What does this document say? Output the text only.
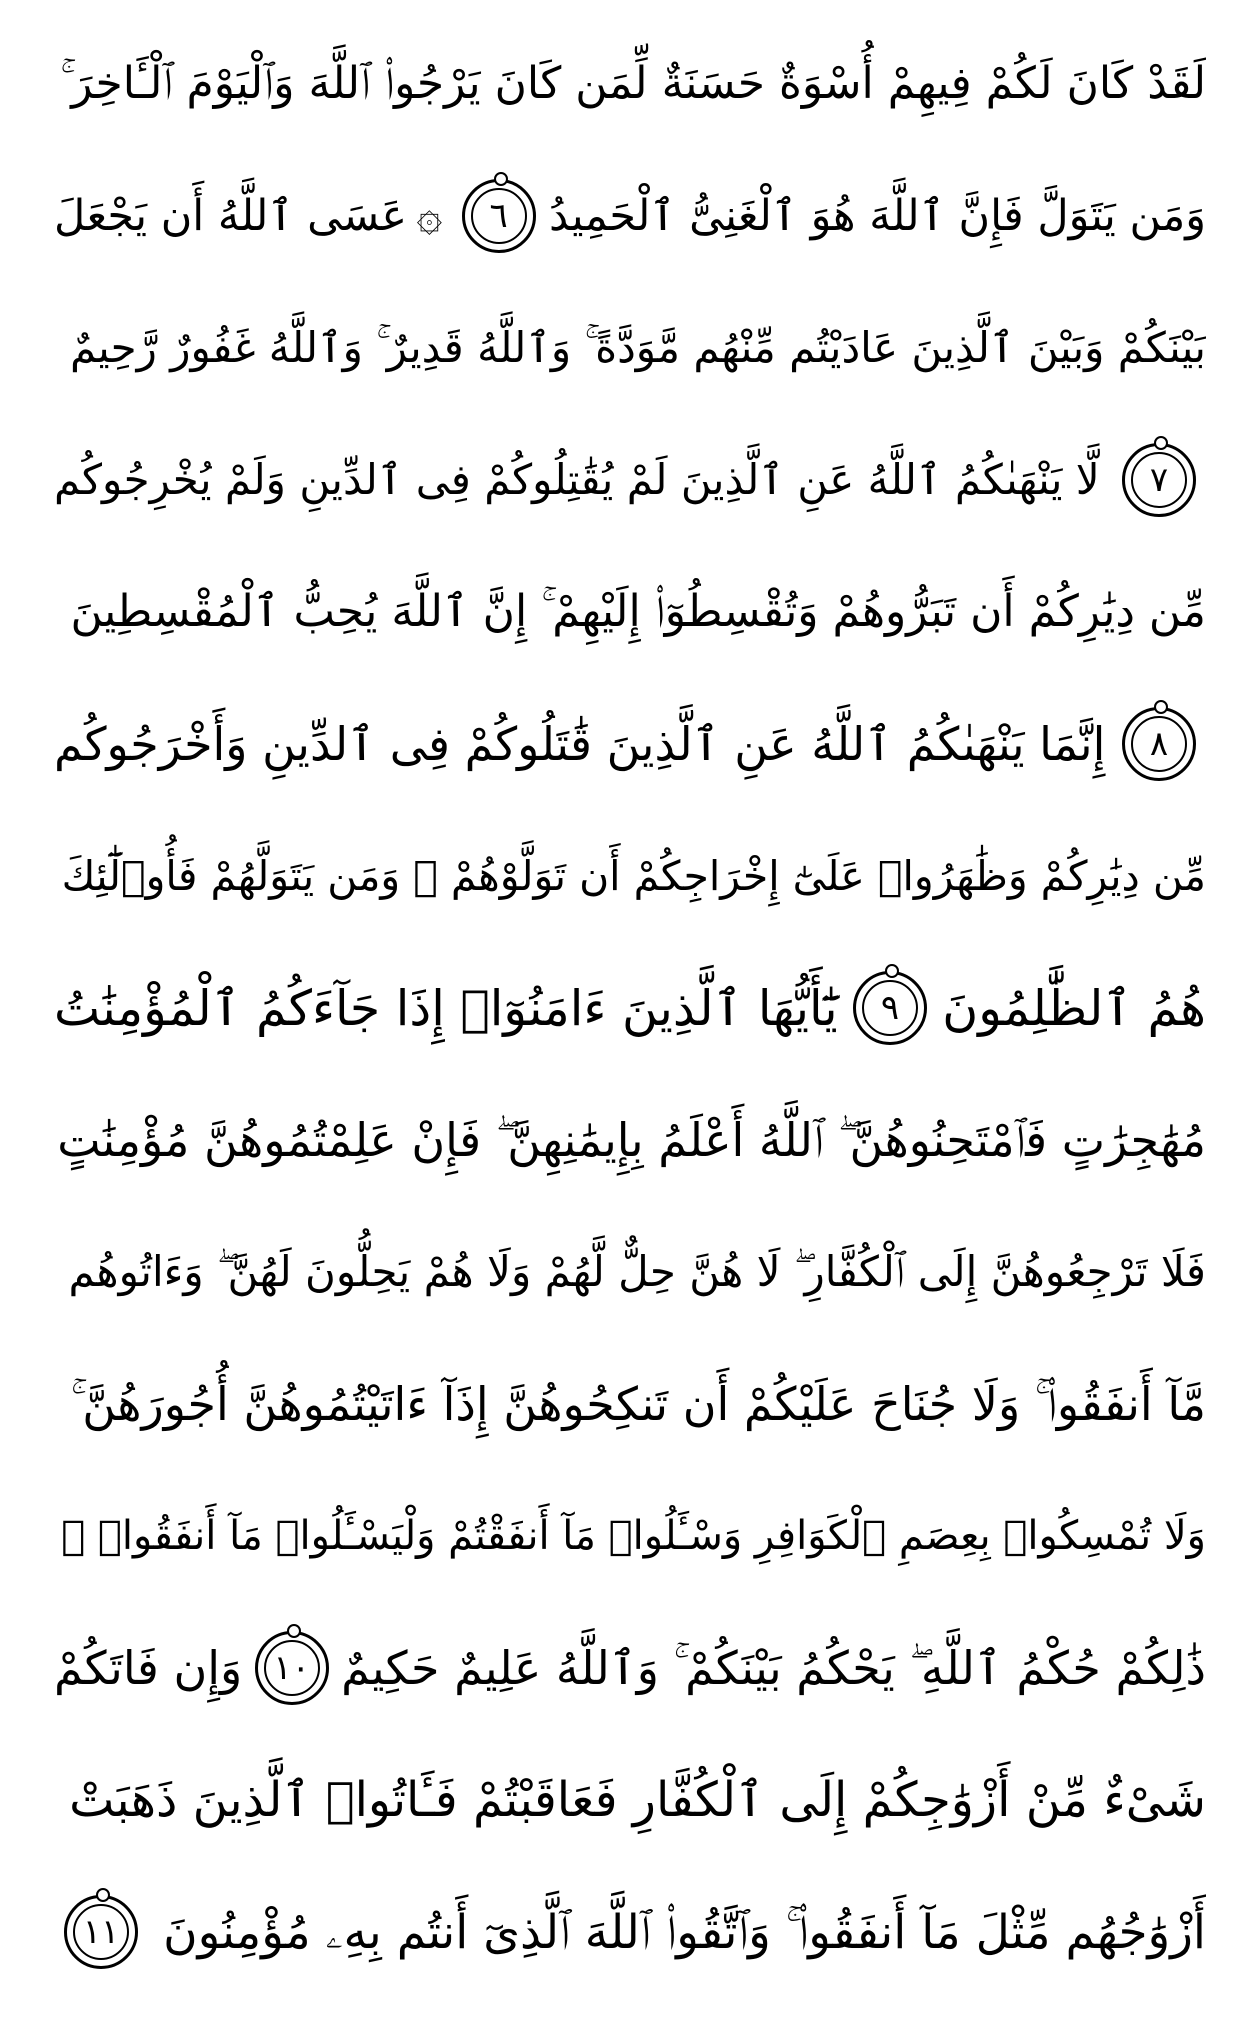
لَقَدْ كَانَ لَكُمْ فِيهِمْ أُسْوَةٌ حَسَنَةٌ لِّمَن كَانَ يَرْجُوا۟ ٱللَّهَ وَٱلْيَوْمَ ٱلْـَٔاخِرَ ۚ
وَمَن يَتَوَلَّ فَإِنَّ ٱللَّهَ هُوَ ٱلْغَنِىُّ ٱلْحَمِيدُ
٦
۞
عَسَى ٱللَّهُ أَن يَجْعَلَ
بَيْنَكُمْ وَبَيْنَ ٱلَّذِينَ عَادَيْتُم مِّنْهُم مَّوَدَّةً ۚ وَٱللَّهُ قَدِيرٌ ۚ وَٱللَّهُ غَفُورٌ رَّحِيمٌ
٧
لَّا يَنْهَىٰكُمُ ٱللَّهُ عَنِ ٱلَّذِينَ لَمْ يُقَٰتِلُوكُمْ فِى ٱلدِّينِ وَلَمْ يُخْرِجُوكُم
مِّن دِيَٰرِكُمْ أَن تَبَرُّوهُمْ وَتُقْسِطُوٓا۟ إِلَيْهِمْ ۚ إِنَّ ٱللَّهَ يُحِبُّ ٱلْمُقْسِطِينَ
٨
إِنَّمَا يَنْهَىٰكُمُ ٱللَّهُ عَنِ ٱلَّذِينَ قَٰتَلُوكُمْ فِى ٱلدِّينِ وَأَخْرَجُوكُم
مِّن دِيَٰرِكُمْ وَظَٰهَرُوا۟ عَلَىٰٓ إِخْرَاجِكُمْ أَن تَوَلَّوْهُمْ ۚ وَمَن يَتَوَلَّهُمْ فَأُو۟لَٰٓئِكَ
هُمُ ٱلظَّٰلِمُونَ
٩
يَٰٓأَيُّهَا ٱلَّذِينَ ءَامَنُوٓا۟ إِذَا جَآءَكُمُ ٱلْمُؤْمِنَٰتُ
مُهَٰجِرَٰتٍ فَٱمْتَحِنُوهُنَّ ۖ ٱللَّهُ أَعْلَمُ بِإِيمَٰنِهِنَّ ۖ فَإِنْ عَلِمْتُمُوهُنَّ مُؤْمِنَٰتٍ
فَلَا تَرْجِعُوهُنَّ إِلَى ٱلْكُفَّارِ ۖ لَا هُنَّ حِلٌّ لَّهُمْ وَلَا هُمْ يَحِلُّونَ لَهُنَّ ۖ وَءَاتُوهُم
مَّآ أَنفَقُوا۟ ۚ وَلَا جُنَاحَ عَلَيْكُمْ أَن تَنكِحُوهُنَّ إِذَآ ءَاتَيْتُمُوهُنَّ أُجُورَهُنَّ ۚ
وَلَا تُمْسِكُوا۟ بِعِصَمِ ٱلْكَوَافِرِ وَسْـَٔلُوا۟ مَآ أَنفَقْتُمْ وَلْيَسْـَٔلُوا۟ مَآ أَنفَقُوا۟ ۚ
ذَٰلِكُمْ حُكْمُ ٱللَّهِ ۖ يَحْكُمُ بَيْنَكُمْ ۚ وَٱللَّهُ عَلِيمٌ حَكِيمٌ
١٠
وَإِن فَاتَكُمْ
شَىْءٌ مِّنْ أَزْوَٰجِكُمْ إِلَى ٱلْكُفَّارِ فَعَاقَبْتُمْ فَـَٔاتُوا۟ ٱلَّذِينَ ذَهَبَتْ
أَزْوَٰجُهُم مِّثْلَ مَآ أَنفَقُوا۟ ۚ وَٱتَّقُوا۟ ٱللَّهَ ٱلَّذِىٓ أَنتُم بِهِۦ مُؤْمِنُونَ
١١
